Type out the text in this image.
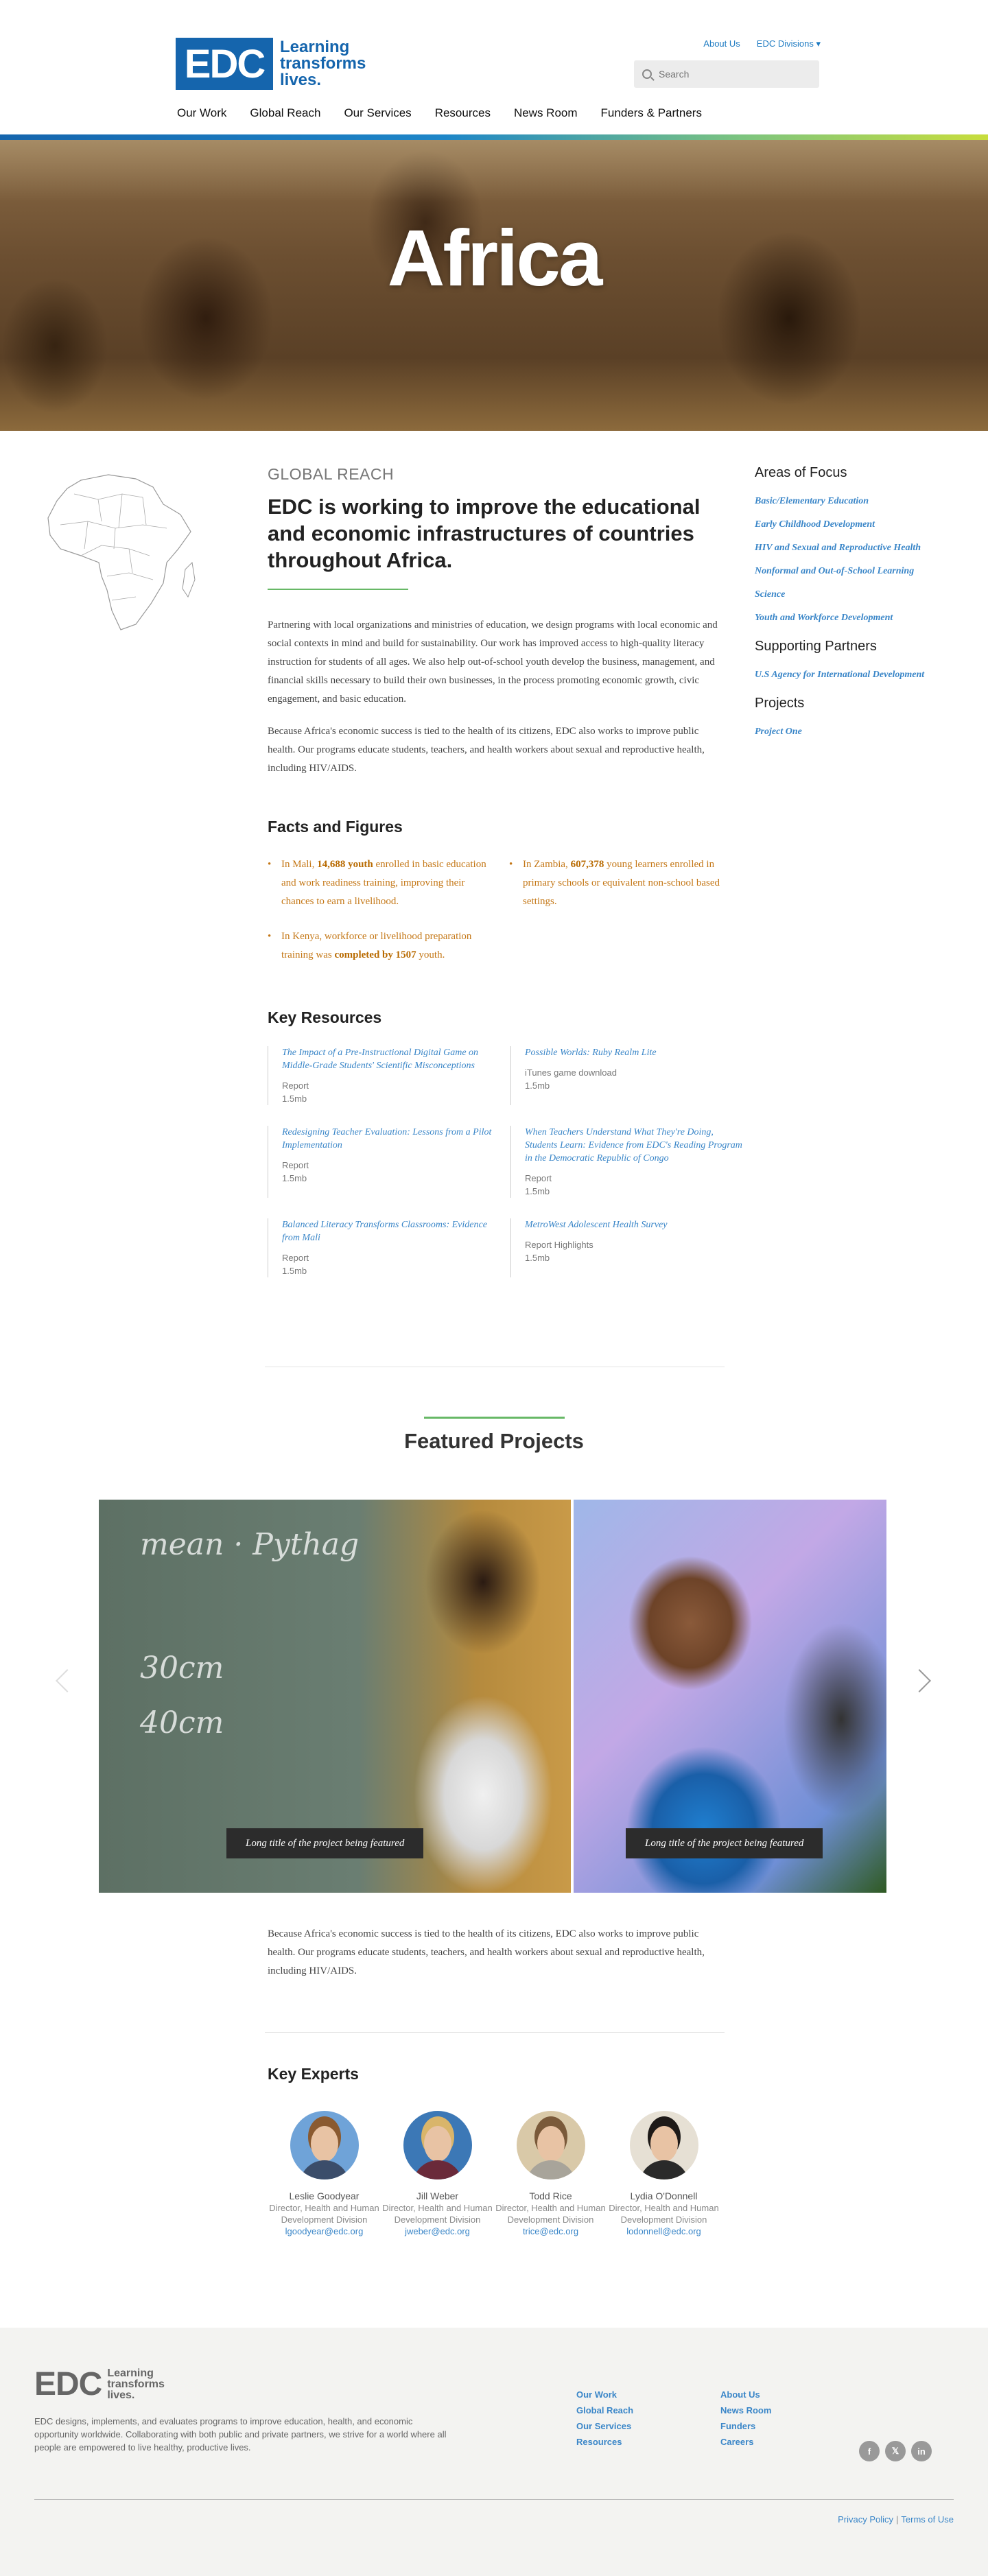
EDC Learning transforms lives.
About Us EDC Divisions ▾
Search
Our Work Global Reach Our Services Resources News Room Funders & Partners
Africa
GLOBAL REACH
EDC is working to improve the educational and economic infrastructures of countries throughout Africa.

Partnering with local organizations and ministries of education, we design programs with local economic and social contexts in mind and build for sustainability. Our work has improved access to high-quality literacy instruction for students of all ages. We also help out-of-school youth develop the business, management, and financial skills necessary to build their own businesses, in the process promoting economic growth, civic engagement, and basic education.

Because Africa's economic success is tied to the health of its citizens, EDC also works to improve public health. Our programs educate students, teachers, and health workers about sexual and reproductive health, including HIV/AIDS.

Facts and Figures
• In Mali, 14,688 youth enrolled in basic education and work readiness training, improving their chances to earn a livelihood.
• In Kenya, workforce or livelihood preparation training was completed by 1507 youth.
• In Zambia, 607,378 young learners enrolled in primary schools or equivalent non-school based settings.
Key Resources
The Impact of a Pre-Instructional Digital Game on Middle-Grade Students' Scientific Misconceptions
Report
1.5mb
Possible Worlds: Ruby Realm Lite
iTunes game download
1.5mb
Redesigning Teacher Evaluation: Lessons from a Pilot Implementation
Report
1.5mb
When Teachers Understand What They're Doing, Students Learn: Evidence from EDC's Reading Program in the Democratic Republic of Congo
Report
1.5mb
Balanced Literacy Transforms Classrooms: Evidence from Mali
Report
1.5mb
MetroWest Adolescent Health Survey
Report Highlights
1.5mb
Areas of Focus
Basic/Elementary Education
Early Childhood Development
HIV and Sexual and Reproductive Health
Nonformal and Out-of-School Learning
Science
Youth and Workforce Development
Supporting Partners
U.S Agency for International Development
Projects
Project One
Featured Projects
mean · Pythag
30cm
40cm
Long title of the project being featured	Long title of the project being featured

Because Africa's economic success is tied to the health of its citizens, EDC also works to improve public health. Our programs educate students, teachers, and health workers about sexual and reproductive health, including HIV/AIDS.

Key Experts
Leslie Goodyear
Director, Health and Human Development Division
lgoodyear@edc.org
Jill Weber
Director, Health and Human Development Division
jweber@edc.org
Todd Rice
Director, Health and Human Development Division
trice@edc.org
Lydia O'Donnell
Director, Health and Human Development Division
lodonnell@edc.org
EDC Learning transforms lives.

EDC designs, implements, and evaluates programs to improve education, health, and economic opportunity worldwide. Collaborating with both public and private partners, we strive for a world where all people are empowered to live healthy, productive lives.

Our Work
Global Reach
Our Services
Resources
About Us
News Room
Funders
Careers
f	𝕏	in
Privacy Policy | Terms of Use
